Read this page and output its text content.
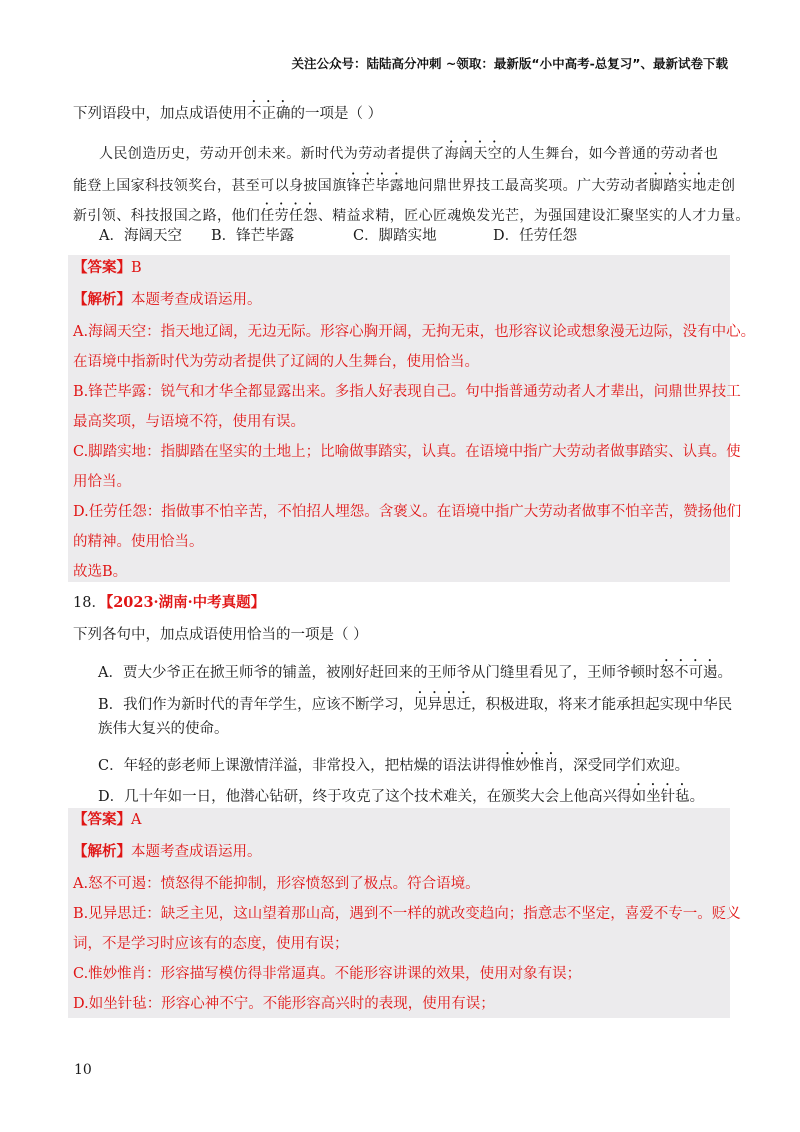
关注公众号：陆陆高分冲刺 ~领取：最新版“小中高考-总复习”、最新试卷下载
下列语段中，加点成语使用不正确的一项是（ ）
人民创造历史，劳动开创未来。新时代为劳动者提供了海阔天空的人生舞台，如今普通的劳动者也
能登上国家科技领奖台，甚至可以身披国旗锋芒毕露地问鼎世界技工最高奖项。广大劳动者脚踏实地走创
新引领、科技报国之路，他们任劳任怨、精益求精，匠心匠魂焕发光芒，为强国建设汇聚坚实的人才力量。
A．海阔天空 B．锋芒毕露	C．脚踏实地	D．任劳任怨
【答案】B
【解析】本题考查成语运用。
A.海阔天空：指天地辽阔，无边无际。形容心胸开阔，无拘无束，也形容议论或想象漫无边际，没有中心。
在语境中指新时代为劳动者提供了辽阔的人生舞台，使用恰当。
B.锋芒毕露：锐气和才华全都显露出来。多指人好表现自己。句中指普通劳动者人才辈出，问鼎世界技工
最高奖项，与语境不符，使用有误。
C.脚踏实地：指脚踏在坚实的土地上；比喻做事踏实，认真。在语境中指广大劳动者做事踏实、认真。使
用恰当。
D.任劳任怨：指做事不怕辛苦，不怕招人埋怨。含褒义。在语境中指广大劳动者做事不怕辛苦，赞扬他们
的精神。使用恰当。
故选B。
18．【2023·湖南·中考真题】
下列各句中，加点成语使用恰当的一项是（ ）
A．贾大少爷正在掀王师爷的铺盖，被刚好赶回来的王师爷从门缝里看见了，王师爷顿时怒不可遏。
B．我们作为新时代的青年学生，应该不断学习，见异思迁，积极进取，将来才能承担起实现中华民
族伟大复兴的使命。
C．年轻的彭老师上课激情洋溢，非常投入，把枯燥的语法讲得惟妙惟肖，深受同学们欢迎。
D．几十年如一日，他潜心钻研，终于攻克了这个技术难关，在颁奖大会上他高兴得如坐针毡。
【答案】A
【解析】本题考查成语运用。
A.怒不可遏：愤怒得不能抑制，形容愤怒到了极点。符合语境。
B.见异思迁：缺乏主见，这山望着那山高，遇到不一样的就改变趋向；指意志不坚定，喜爱不专一。贬义
词，不是学习时应该有的态度，使用有误；
C.惟妙惟肖：形容描写模仿得非常逼真。不能形容讲课的效果，使用对象有误；
D.如坐针毡：形容心神不宁。不能形容高兴时的表现，使用有误；
10
